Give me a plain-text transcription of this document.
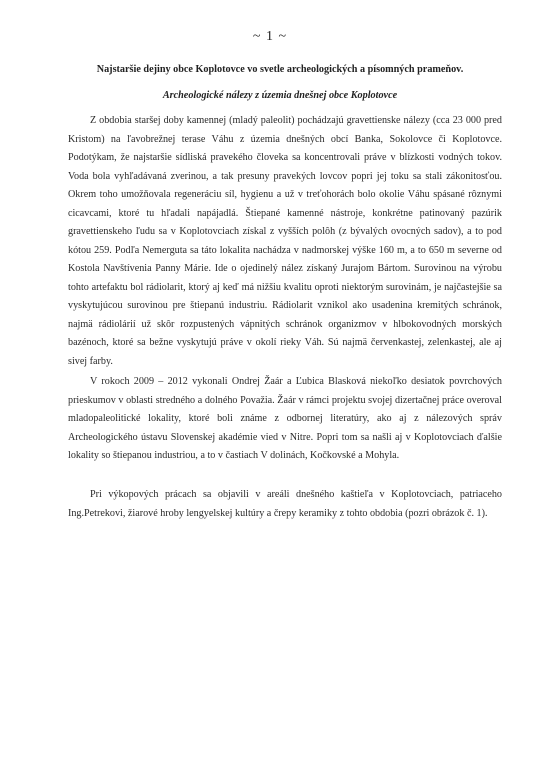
~ 1 ~
Najstaršie dejiny obce Koplotovce vo svetle archeologických a písomných prameňov.
Archeologické nálezy z územia dnešnej obce Koplotovce

Z obdobia staršej doby kamennej (mladý paleolit) pochádzajú gravettienske nálezy (cca 23 000 pred Kristom) na ľavobrežnej terase Váhu z územia dnešných obcí Banka, Sokolovce či Koplotovce. Podotýkam, že najstaršie sídliská pravekého človeka sa koncentrovali práve v blízkosti vodných tokov. Voda bola vyhľadávaná zverinou, a tak presuny pravekých lovcov popri jej toku sa stali zákonitosťou. Okrem toho umožňovala regeneráciu síl, hygienu a už v treťohorách bolo okolie Váhu spásané rôznymi cicavcami, ktoré tu hľadali napájadlá. Štiepané kamenné nástroje, konkrétne patinovaný pazúrik gravettienskeho ľudu sa v Koplotovciach získal z vyšších polôh (z bývalých ovocných sadov), a to pod kótou 259. Podľa Nemerguta sa táto lokalita nachádza v nadmorskej výške 160 m, a to 650 m severne od Kostola Navštívenia Panny Márie. Ide o ojedinelý nález získaný Jurajom Bártom. Surovinou na výrobu tohto artefaktu bol rádiolarit, ktorý aj keď má nižšiu kvalitu oproti niektorým surovinám, je najčastejšie sa vyskytujúcou surovinou pre štiepanú industriu. Rádiolarit vznikol ako usadenina kremitých schránok, najmä rádiolárií už skôr rozpustených vápnitých schránok organizmov v hlbokovodných morských bazénoch, ktoré sa bežne vyskytujú práve v okolí rieky Váh. Sú najmä červenkastej, zelenkastej, ale aj sivej farby.

V rokoch 2009 – 2012 vykonali Ondrej Žaár a Ľubica Blasková niekoľko desiatok povrchových prieskumov v oblasti stredného a dolného Považia. Žaár v rámci projektu svojej dizertačnej práce overoval mladopaleolitické lokality, ktoré boli známe z odbornej literatúry, ako aj z nálezových správ Archeologického ústavu Slovenskej akadémie vied v Nitre. Popri tom sa našli aj v Koplotovciach ďalšie lokality so štiepanou industriou, a to v častiach V dolinách, Kočkovské a Mohyla.

Pri výkopových prácach sa objavili v areáli dnešného kaštieľa v Koplotovciach, patriaceho Ing.Petrekovi, žiarové hroby lengyelskej kultúry a črepy keramiky z tohto obdobia (pozri obrázok č. 1).
